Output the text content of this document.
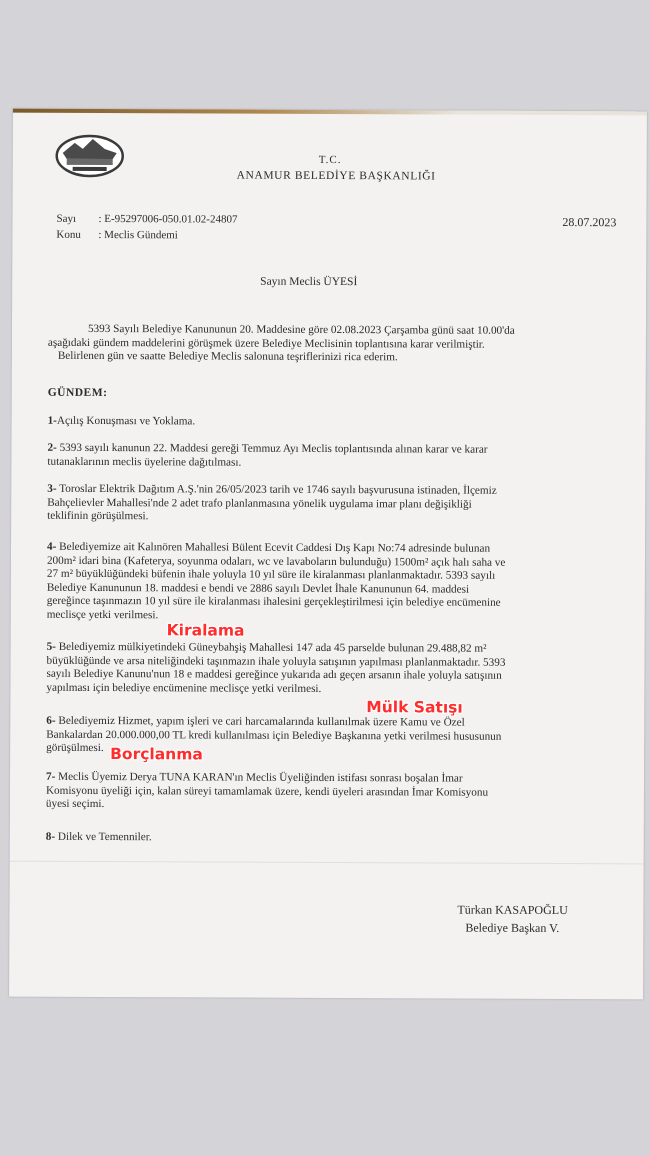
T.C.
ANAMUR BELEDİYE BAŞKANLIĞI
Sayı : E-95297006-050.01.02-24807
Konu : Meclis Gündemi
28.07.2023
Sayın Meclis ÜYESİ
5393 Sayılı Belediye Kanununun 20. Maddesine göre 02.08.2023 Çarşamba günü saat 10.00'da
aşağıdaki gündem maddelerini görüşmek üzere Belediye Meclisinin toplantısına karar verilmiştir.
Belirlenen gün ve saatte Belediye Meclis salonuna teşriflerinizi rica ederim.
GÜNDEM:
1-Açılış Konuşması ve Yoklama.
2- 5393 sayılı kanunun 22. Maddesi gereği Temmuz Ayı Meclis toplantısında alınan karar ve karar
tutanaklarının meclis üyelerine dağıtılması.
3- Toroslar Elektrik Dağıtım A.Ş.'nin 26/05/2023 tarih ve 1746 sayılı başvurusuna istinaden, İlçemiz
Bahçelievler Mahallesi'nde 2 adet trafo planlanmasına yönelik uygulama imar planı değişikliği
teklifinin görüşülmesi.
4- Belediyemize ait Kalınören Mahallesi Bülent Ecevit Caddesi Dış Kapı No:74 adresinde bulunan
200m² idari bina (Kafeterya, soyunma odaları, wc ve lavaboların bulunduğu) 1500m² açık halı saha ve
27 m² büyüklüğündeki büfenin ihale yoluyla 10 yıl süre ile kiralanması planlanmaktadır. 5393 sayılı
Belediye Kanununun 18. maddesi e bendi ve 2886 sayılı Devlet İhale Kanununun 64. maddesi
gereğince taşınmazın 10 yıl süre ile kiralanması ihalesini gerçekleştirilmesi için belediye encümenine
meclisçe yetki verilmesi.
Kiralama
5- Belediyemiz mülkiyetindeki Güneybahşiş Mahallesi 147 ada 45 parselde bulunan 29.488,82 m²
büyüklüğünde ve arsa niteliğindeki taşınmazın ihale yoluyla satışının yapılması planlanmaktadır. 5393
sayılı Belediye Kanunu'nun 18 e maddesi gereğince yukarıda adı geçen arsanın ihale yoluyla satışının
yapılması için belediye encümenine meclisçe yetki verilmesi.
Mülk Satışı
6- Belediyemiz Hizmet, yapım işleri ve cari harcamalarında kullanılmak üzere Kamu ve Özel
Bankalardan 20.000.000,00 TL kredi kullanılması için Belediye Başkanına yetki verilmesi hususunun
görüşülmesi. Borçlanma
7- Meclis Üyemiz Derya TUNA KARAN'ın Meclis Üyeliğinden istifası sonrası boşalan İmar
Komisyonu üyeliği için, kalan süreyi tamamlamak üzere, kendi üyeleri arasından İmar Komisyonu
üyesi seçimi.
8- Dilek ve Temenniler.
Türkan KASAPOĞLU
Belediye Başkan V.
